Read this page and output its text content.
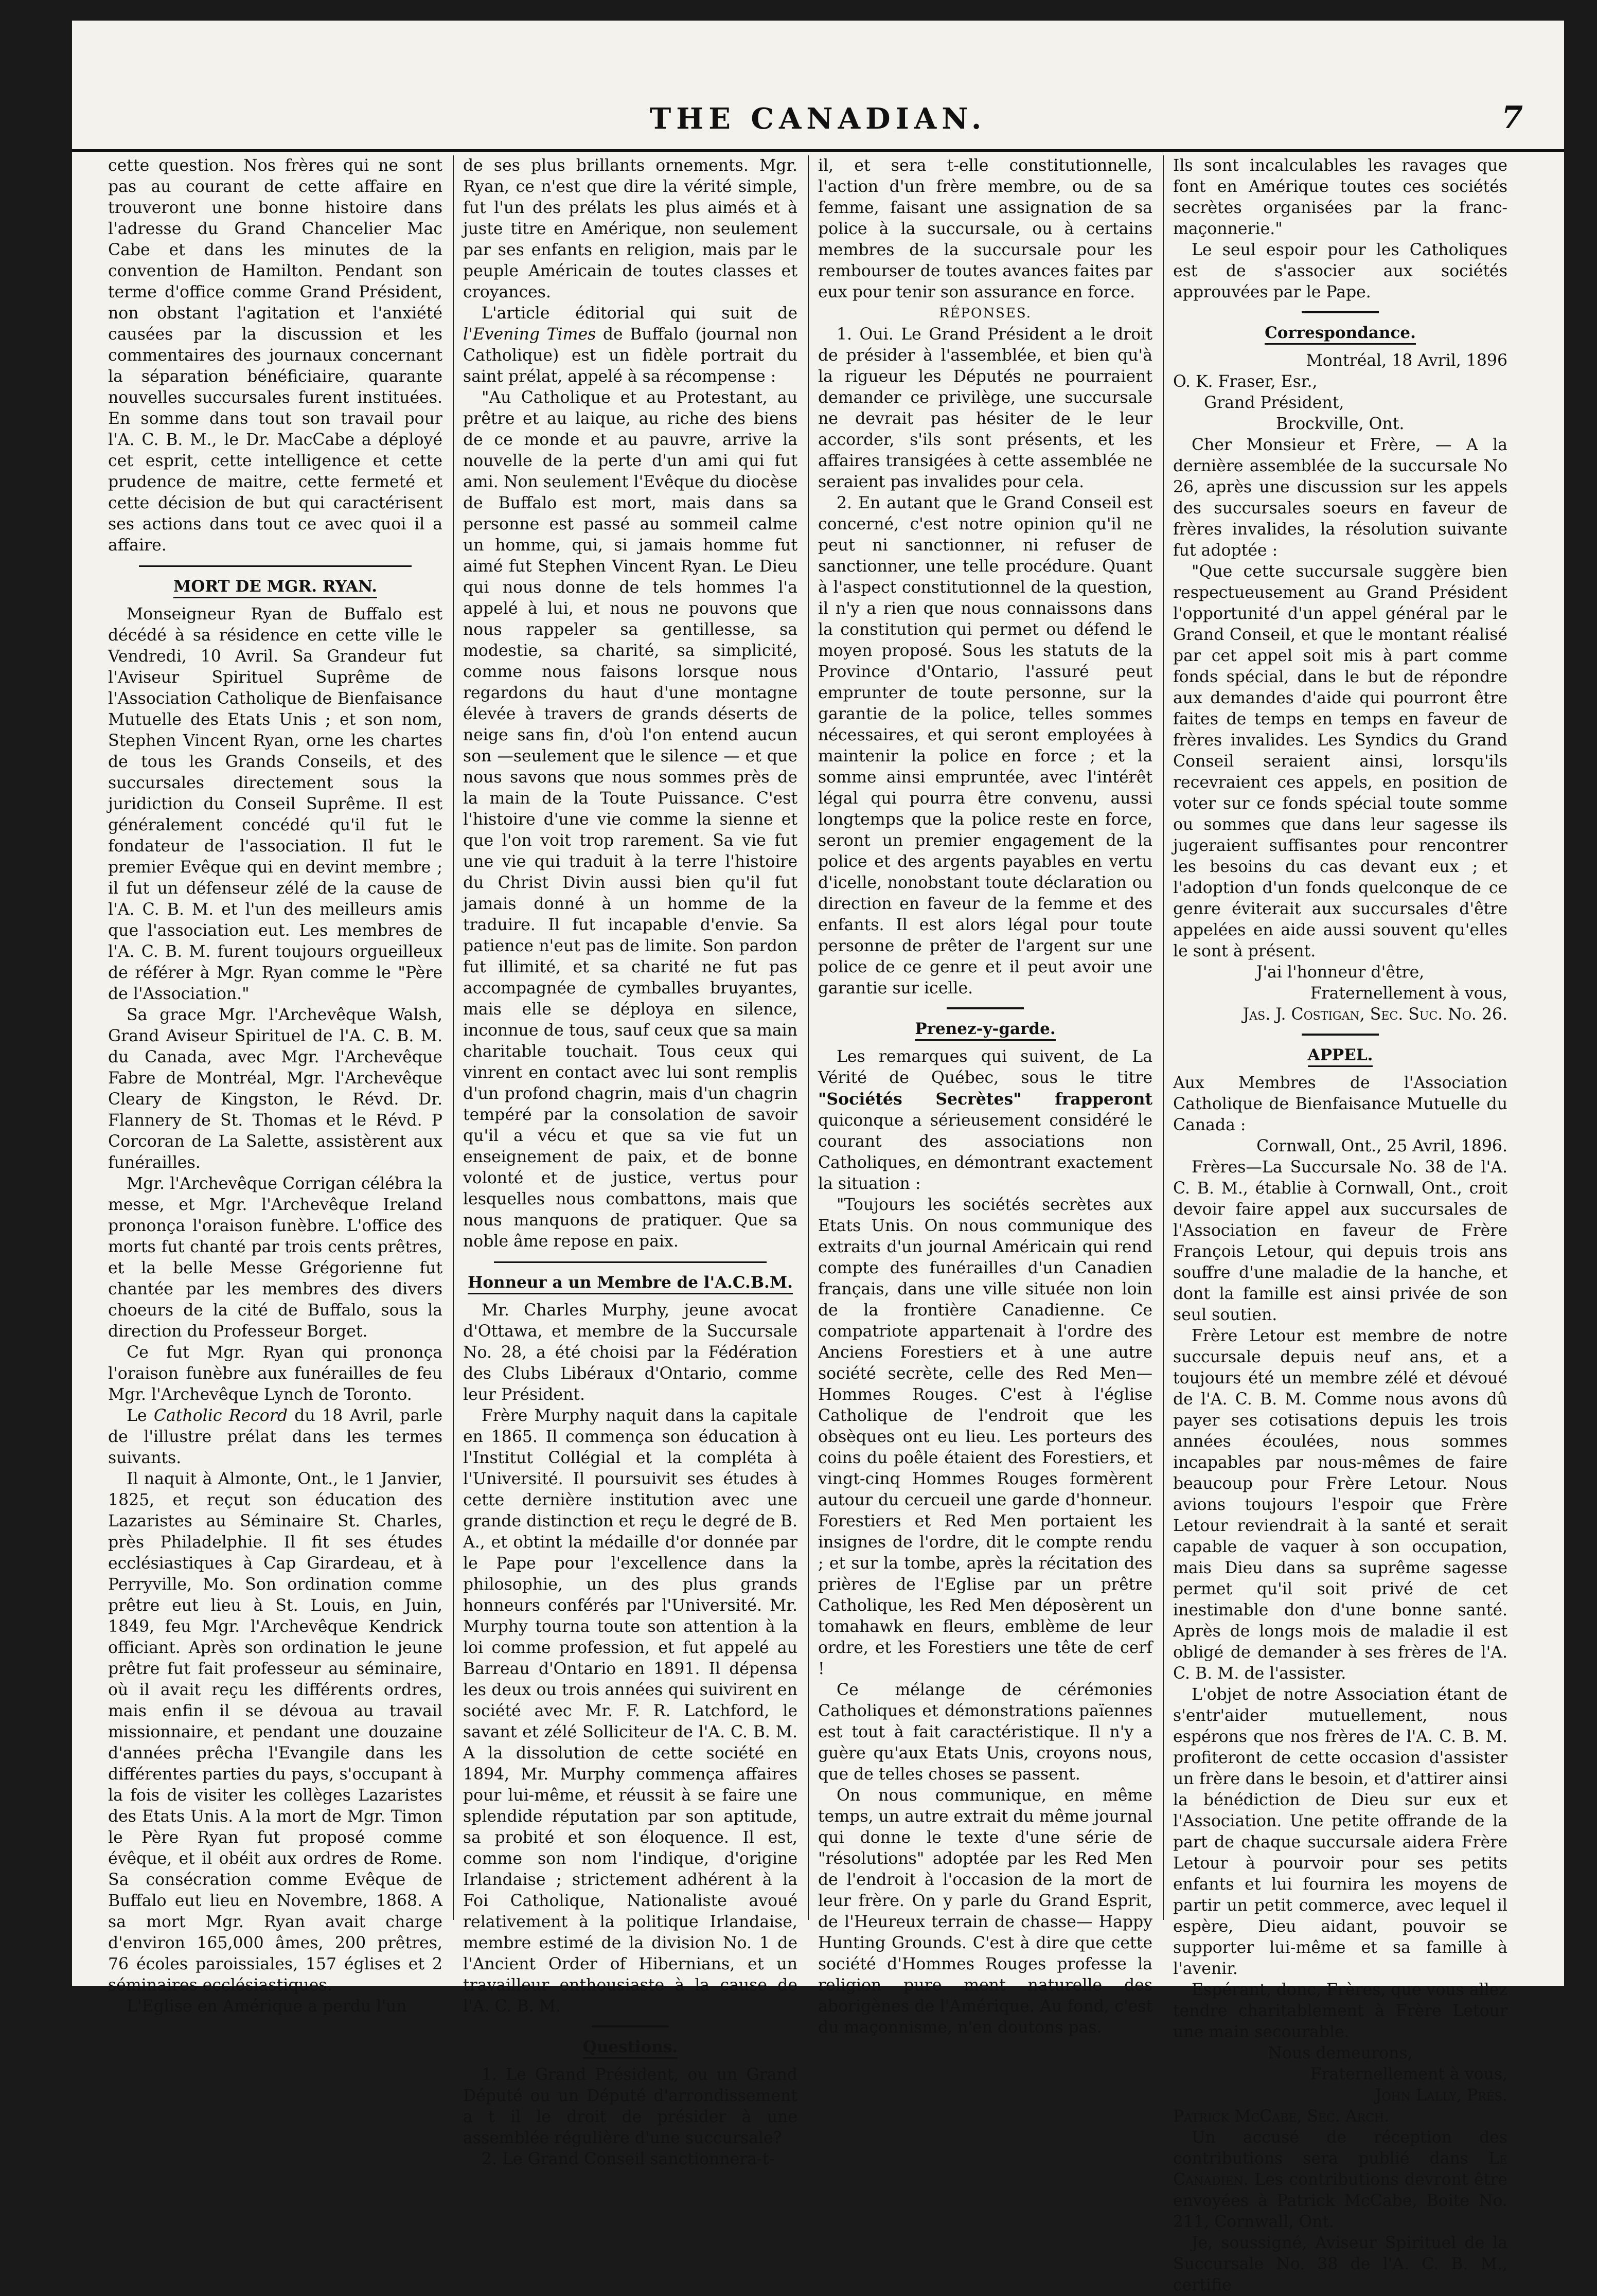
THE CANADIAN.	7

cette question. Nos frères qui ne sont pas au courant de cette affaire en trouveront une bonne histoire dans l'adresse du Grand Chancelier Mac Cabe et dans les minutes de la convention de Hamilton. Pendant son terme d'office comme Grand Président, non obstant l'agitation et l'anxiété causées par la discussion et les commentaires des journaux concernant la séparation bénéficiaire, quarante nouvelles succursales furent instituées. En somme dans tout son travail pour l'A. C. B. M., le Dr. MacCabe a déployé cet esprit, cette intelligence et cette prudence de maitre, cette fermeté et cette décision de but qui caractérisent ses actions dans tout ce avec quoi il a affaire.

MORT DE MGR. RYAN.

Monseigneur Ryan de Buffalo est décédé à sa résidence en cette ville le Vendredi, 10 Avril. Sa Grandeur fut l'Aviseur Spirituel Suprême de l'Association Catholique de Bienfaisance Mutuelle des Etats Unis ; et son nom, Stephen Vincent Ryan, orne les chartes de tous les Grands Conseils, et des succursales directement sous la juridiction du Conseil Suprême. Il est généralement concédé qu'il fut le fondateur de l'association. Il fut le premier Evêque qui en devint membre ; il fut un défenseur zélé de la cause de l'A. C. B. M. et l'un des meilleurs amis que l'association eut. Les membres de l'A. C. B. M. furent toujours orgueilleux de référer à Mgr. Ryan comme le "Père de l'Association."

Sa grace Mgr. l'Archevêque Walsh, Grand Aviseur Spirituel de l'A. C. B. M. du Canada, avec Mgr. l'Archevêque Fabre de Montréal, Mgr. l'Archevêque Cleary de Kingston, le Révd. Dr. Flannery de St. Thomas et le Révd. P Corcoran de La Salette, assistèrent aux funérailles.

Mgr. l'Archevêque Corrigan célébra la messe, et Mgr. l'Archevêque Ireland prononça l'oraison funèbre. L'office des morts fut chanté par trois cents prêtres, et la belle Messe Grégorienne fut chantée par les membres des divers choeurs de la cité de Buffalo, sous la direction du Professeur Borget.

Ce fut Mgr. Ryan qui prononça l'oraison funèbre aux funérailles de feu Mgr. l'Archevêque Lynch de Toronto.

Le Catholic Record du 18 Avril, parle de l'illustre prélat dans les termes suivants.

Il naquit à Almonte, Ont., le 1 Janvier, 1825, et reçut son éducation des Lazaristes au Séminaire St. Charles, près Philadelphie. Il fit ses études ecclésiastiques à Cap Girardeau, et à Perryville, Mo. Son ordination comme prêtre eut lieu à St. Louis, en Juin, 1849, feu Mgr. l'Archevêque Kendrick officiant. Après son ordination le jeune prêtre fut fait professeur au séminaire, où il avait reçu les différents ordres, mais enfin il se dévoua au travail missionnaire, et pendant une douzaine d'années prêcha l'Evangile dans les différentes parties du pays, s'occupant à la fois de visiter les collèges Lazaristes des Etats Unis. A la mort de Mgr. Timon le Père Ryan fut proposé comme évêque, et il obéit aux ordres de Rome. Sa consécration comme Evêque de Buffalo eut lieu en Novembre, 1868. A sa mort Mgr. Ryan avait charge d'environ 165,000 âmes, 200 prêtres, 76 écoles paroissiales, 157 églises et 2 séminaires ecclésiastiques.

L'Eglise en Amérique a perdu l'un

de ses plus brillants ornements. Mgr. Ryan, ce n'est que dire la vérité simple, fut l'un des prélats les plus aimés et à juste titre en Amérique, non seulement par ses enfants en religion, mais par le peuple Américain de toutes classes et croyances.

L'article éditorial qui suit de l'Evening Times de Buffalo (journal non Catholique) est un fidèle portrait du saint prélat, appelé à sa récompense :

"Au Catholique et au Protestant, au prêtre et au laique, au riche des biens de ce monde et au pauvre, arrive la nouvelle de la perte d'un ami qui fut ami. Non seulement l'Evêque du diocèse de Buffalo est mort, mais dans sa personne est passé au sommeil calme un homme, qui, si jamais homme fut aimé fut Stephen Vincent Ryan. Le Dieu qui nous donne de tels hommes l'a appelé à lui, et nous ne pouvons que nous rappeler sa gentillesse, sa modestie, sa charité, sa simplicité, comme nous faisons lorsque nous regardons du haut d'une montagne élevée à travers de grands déserts de neige sans fin, d'où l'on entend aucun son —seulement que le silence — et que nous savons que nous sommes près de la main de la Toute Puissance. C'est l'histoire d'une vie comme la sienne et que l'on voit trop rarement. Sa vie fut une vie qui traduit à la terre l'histoire du Christ Divin aussi bien qu'il fut jamais donné à un homme de la traduire. Il fut incapable d'envie. Sa patience n'eut pas de limite. Son pardon fut illimité, et sa charité ne fut pas accompagnée de cymballes bruyantes, mais elle se déploya en silence, inconnue de tous, sauf ceux que sa main charitable touchait. Tous ceux qui vinrent en contact avec lui sont remplis d'un profond chagrin, mais d'un chagrin tempéré par la consolation de savoir qu'il a vécu et que sa vie fut un enseignement de paix, et de bonne volonté et de justice, vertus pour lesquelles nous combattons, mais que nous manquons de pratiquer. Que sa noble âme repose en paix.

Honneur a un Membre de l'A.C.B.M.

Mr. Charles Murphy, jeune avocat d'Ottawa, et membre de la Succursale No. 28, a été choisi par la Fédération des Clubs Libéraux d'Ontario, comme leur Président.

Frère Murphy naquit dans la capitale en 1865. Il commença son éducation à l'Institut Collégial et la compléta à l'Université. Il poursuivit ses études à cette dernière institution avec une grande distinction et reçu le degré de B. A., et obtint la médaille d'or donnée par le Pape pour l'excellence dans la philosophie, un des plus grands honneurs conférés par l'Université. Mr. Murphy tourna toute son attention à la loi comme profession, et fut appelé au Barreau d'Ontario en 1891. Il dépensa les deux ou trois années qui suivirent en société avec Mr. F. R. Latchford, le savant et zélé Solliciteur de l'A. C. B. M. A la dissolution de cette société en 1894, Mr. Murphy commença affaires pour lui-même, et réussit à se faire une splendide réputation par son aptitude, sa probité et son éloquence. Il est, comme son nom l'indique, d'origine Irlandaise ; strictement adhérent à la Foi Catholique, Nationaliste avoué relativement à la politique Irlandaise, membre estimé de la division No. 1 de l'Ancient Order of Hibernians, et un travailleur enthousiaste à la cause de l'A. C. B. M.

Questions.

1. Le Grand Président, ou un Grand Député ou un Député d'arrondissement a t il le droit de présider à une assemblée régulière d'une succursale?

2. Le Grand Conseil sanctionnera-t-

il, et sera t-elle constitutionnelle, l'action d'un frère membre, ou de sa femme, faisant une assignation de sa police à la succursale, ou à certains membres de la succursale pour les rembourser de toutes avances faites par eux pour tenir son assurance en force.

RÉPONSES.

1. Oui. Le Grand Président a le droit de présider à l'assemblée, et bien qu'à la rigueur les Députés ne pourraient demander ce privilège, une succursale ne devrait pas hésiter de le leur accorder, s'ils sont présents, et les affaires transigées à cette assemblée ne seraient pas invalides pour cela.

2. En autant que le Grand Conseil est concerné, c'est notre opinion qu'il ne peut ni sanctionner, ni refuser de sanctionner, une telle procédure. Quant à l'aspect constitutionnel de la question, il n'y a rien que nous connaissons dans la constitution qui permet ou défend le moyen proposé. Sous les statuts de la Province d'Ontario, l'assuré peut emprunter de toute personne, sur la garantie de la police, telles sommes nécessaires, et qui seront employées à maintenir la police en force ; et la somme ainsi empruntée, avec l'intérêt légal qui pourra être convenu, aussi longtemps que la police reste en force, seront un premier engagement de la police et des argents payables en vertu d'icelle, nonobstant toute déclaration ou direction en faveur de la femme et des enfants. Il est alors légal pour toute personne de prêter de l'argent sur une police de ce genre et il peut avoir une garantie sur icelle.

Prenez-y-garde.

Les remarques qui suivent, de La Vérité de Québec, sous le titre "Sociétés Secrètes" frapperont quiconque a sérieusement considéré le courant des associations non Catholiques, en démontrant exactement la situation :

"Toujours les sociétés secrètes aux Etats Unis. On nous communique des extraits d'un journal Américain qui rend compte des funérailles d'un Canadien français, dans une ville située non loin de la frontière Canadienne. Ce compatriote appartenait à l'ordre des Anciens Forestiers et à une autre société secrète, celle des Red Men—Hommes Rouges. C'est à l'église Catholique de l'endroit que les obsèques ont eu lieu. Les porteurs des coins du poêle étaient des Forestiers, et vingt-cinq Hommes Rouges formèrent autour du cercueil une garde d'honneur. Forestiers et Red Men portaient les insignes de l'ordre, dit le compte rendu ; et sur la tombe, après la récitation des prières de l'Eglise par un prêtre Catholique, les Red Men déposèrent un tomahawk en fleurs, emblème de leur ordre, et les Forestiers une tête de cerf !

Ce mélange de cérémonies Catholiques et démonstrations païennes est tout à fait caractéristique. Il n'y a guère qu'aux Etats Unis, croyons nous, que de telles choses se passent.

On nous communique, en même temps, un autre extrait du même journal qui donne le texte d'une série de "résolutions" adoptée par les Red Men de l'endroit à l'occasion de la mort de leur frère. On y parle du Grand Esprit, de l'Heureux terrain de chasse— Happy Hunting Grounds. C'est à dire que cette société d'Hommes Rouges professe la religion pure ment naturelle des aborigènes de l'Amérique. Au fond, c'est du maçonnisme, n'en doutons pas.

Ils sont incalculables les ravages que font en Amérique toutes ces sociétés secrètes organisées par la franc-maçonnerie."

Le seul espoir pour les Catholiques est de s'associer aux sociétés approuvées par le Pape.

Correspondance.

Montréal, 18 Avril, 1896

O. K. Fraser, Esr.,

Grand Président,

Brockville, Ont.

Cher Monsieur et Frère, — A la dernière assemblée de la succursale No 26, après une discussion sur les appels des succursales soeurs en faveur de frères invalides, la résolution suivante fut adoptée :

"Que cette succursale suggère bien respectueusement au Grand Président l'opportunité d'un appel général par le Grand Conseil, et que le montant réalisé par cet appel soit mis à part comme fonds spécial, dans le but de répondre aux demandes d'aide qui pourront être faites de temps en temps en faveur de frères invalides. Les Syndics du Grand Conseil seraient ainsi, lorsqu'ils recevraient ces appels, en position de voter sur ce fonds spécial toute somme ou sommes que dans leur sagesse ils jugeraient suffisantes pour rencontrer les besoins du cas devant eux ; et l'adoption d'un fonds quelconque de ce genre éviterait aux succursales d'être appelées en aide aussi souvent qu'elles le sont à présent.

J'ai l'honneur d'être,

Fraternellement à vous,

Jas. J. Costigan, Sec. Suc. No. 26.

APPEL.

Aux Membres de l'Association Catholique de Bienfaisance Mutuelle du Canada :

Cornwall, Ont., 25 Avril, 1896.

Frères—La Succursale No. 38 de l'A. C. B. M., établie à Cornwall, Ont., croit devoir faire appel aux succursales de l'Association en faveur de Frère François Letour, qui depuis trois ans souffre d'une maladie de la hanche, et dont la famille est ainsi privée de son seul soutien.

Frère Letour est membre de notre succursale depuis neuf ans, et a toujours été un membre zélé et dévoué de l'A. C. B. M. Comme nous avons dû payer ses cotisations depuis les trois années écoulées, nous sommes incapables par nous-mêmes de faire beaucoup pour Frère Letour. Nous avions toujours l'espoir que Frère Letour reviendrait à la santé et serait capable de vaquer à son occupation, mais Dieu dans sa suprême sagesse permet qu'il soit privé de cet inestimable don d'une bonne santé. Après de longs mois de maladie il est obligé de demander à ses frères de l'A. C. B. M. de l'assister.

L'objet de notre Association étant de s'entr'aider mutuellement, nous espérons que nos frères de l'A. C. B. M. profiteront de cette occasion d'assister un frère dans le besoin, et d'attirer ainsi la bénédiction de Dieu sur eux et l'Association. Une petite offrande de la part de chaque succursale aidera Frère Letour à pourvoir pour ses petits enfants et lui fournira les moyens de partir un petit commerce, avec lequel il espère, Dieu aidant, pouvoir se supporter lui-même et sa famille à l'avenir.

Espérant, donc, Frères, que vous allez tendre charitablement à Frère Letour une main secourable.

Nous demeurons,

Fraternellement à vous,

John Lally, Prés.

Patrick McCabe, Sec. Arch.

Un accusé de réception des contributions sera publié dans Le Canadien. Les contributions devront être envoyées à Patrick McCabe, Boite No. 211, Cornwall, Ont.

Je, soussigné, Aviseur Spirituel de la Succursale No. 38 de l'A. C. B. M., certifie
